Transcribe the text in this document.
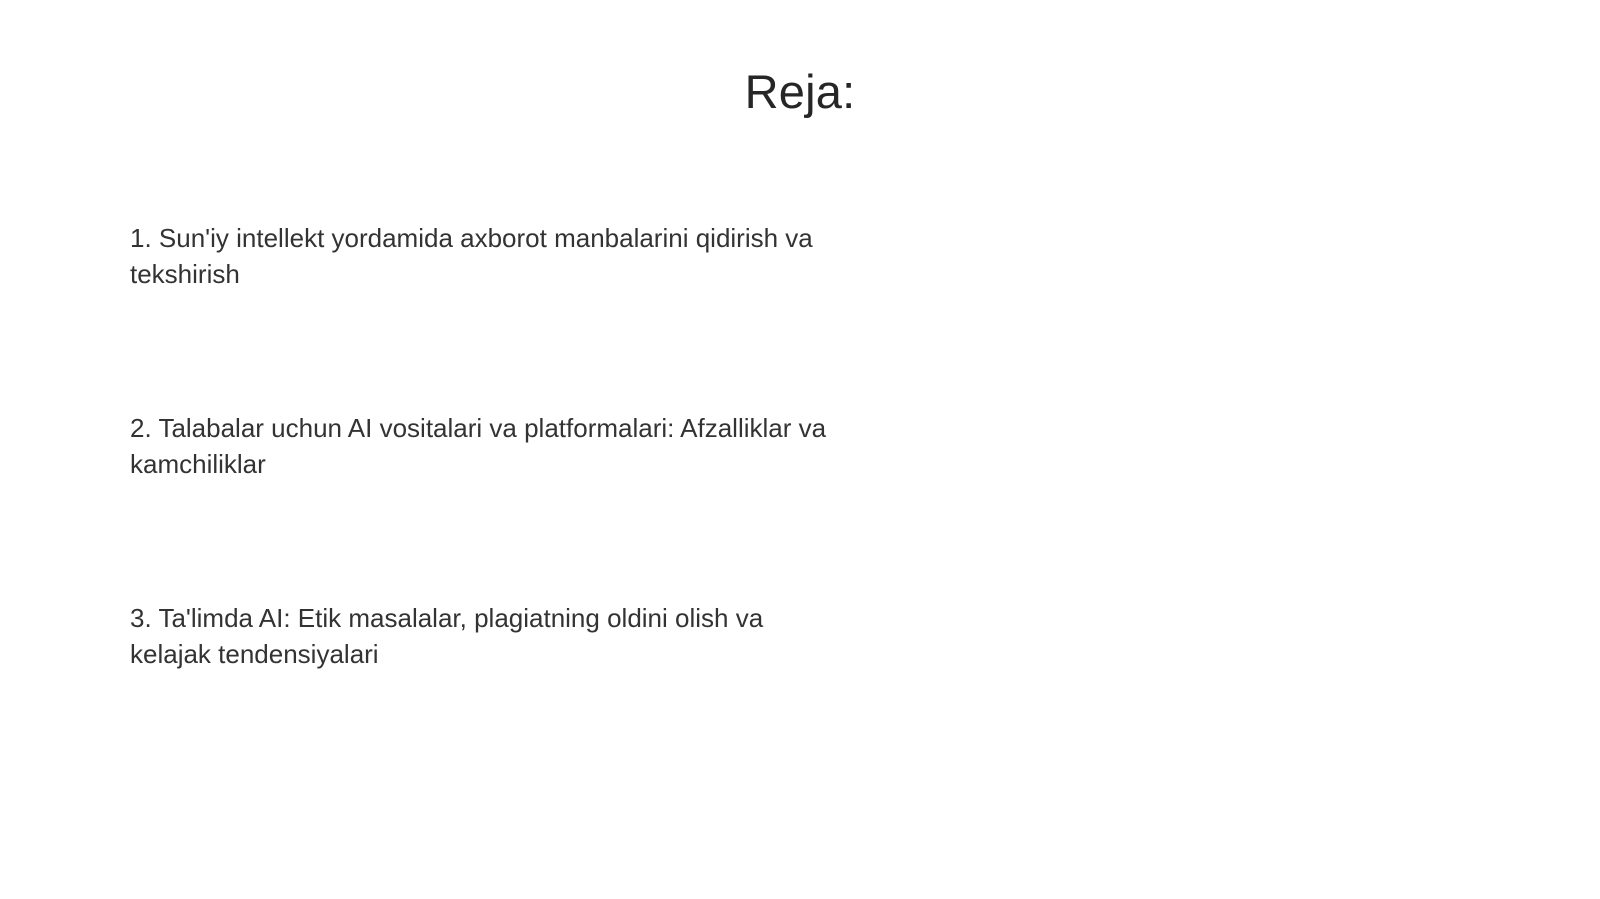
Reja:
1. Sun'iy intellekt yordamida axborot manbalarini qidirish va tekshirish
2. Talabalar uchun AI vositalari va platformalari: Afzalliklar va kamchiliklar
3. Ta'limda AI: Etik masalalar, plagiatning oldini olish va kelajak tendensiyalari
